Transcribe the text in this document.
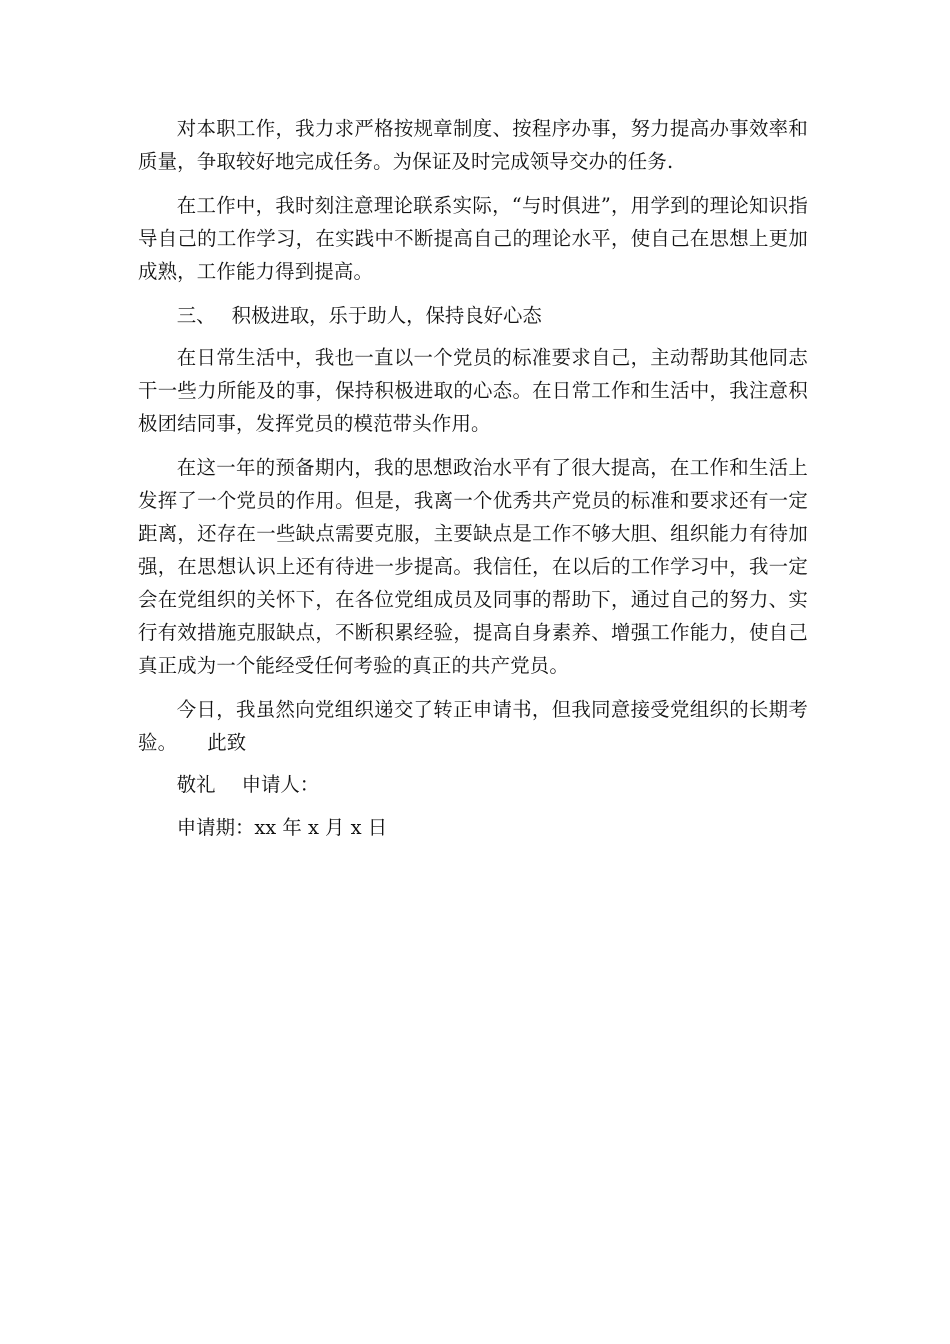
对本职工作，我力求严格按规章制度、按程序办事，努力提高办事效率和质量，争取较好地完成任务。为保证及时完成领导交办的任务.

在工作中，我时刻注意理论联系实际，“与时俱进”，用学到的理论知识指导自己的工作学习，在实践中不断提高自己的理论水平，使自己在思想上更加成熟，工作能力得到提高。

三、 积极进取，乐于助人，保持良好心态

在日常生活中，我也一直以一个党员的标准要求自己，主动帮助其他同志干一些力所能及的事，保持积极进取的心态。在日常工作和生活中，我注意积极团结同事，发挥党员的模范带头作用。

在这一年的预备期内，我的思想政治水平有了很大提高，在工作和生活上发挥了一个党员的作用。但是，我离一个优秀共产党员的标准和要求还有一定距离，还存在一些缺点需要克服，主要缺点是工作不够大胆、组织能力有待加强，在思想认识上还有待进一步提高。我信任，在以后的工作学习中，我一定会在党组织的关怀下，在各位党组成员及同事的帮助下，通过自己的努力、实行有效措施克服缺点，不断积累经验，提高自身素养、增强工作能力，使自己真正成为一个能经受任何考验的真正的共产党员。

今日，我虽然向党组织递交了转正申请书，但我同意接受党组织的长期考验。 此致

敬礼 申请人：
申请期：xx 年 x 月 x 日
